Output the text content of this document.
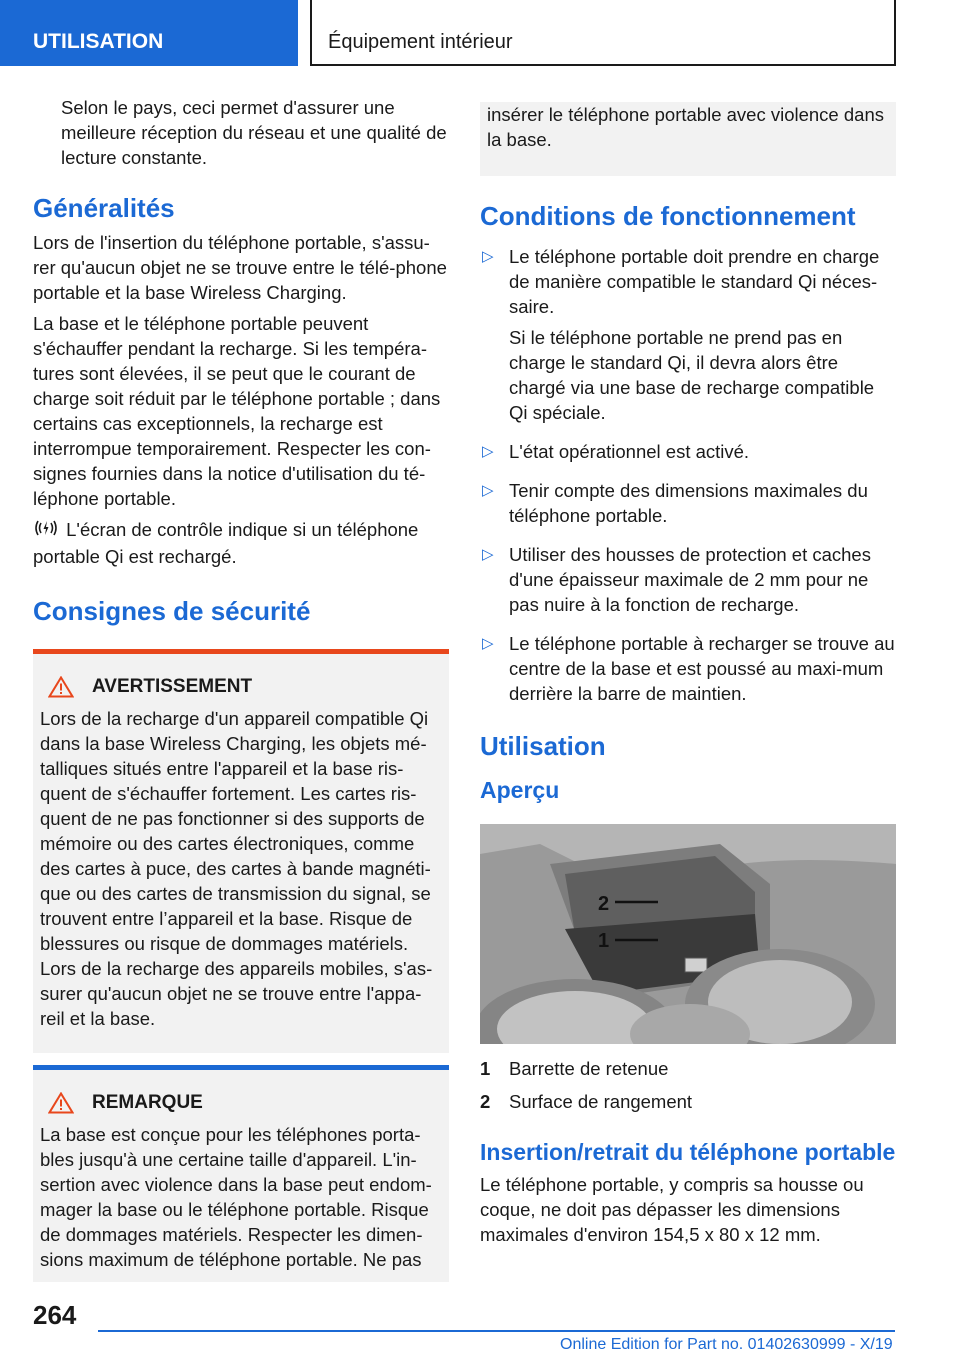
UTILISATION	Équipement intérieur

Selon le pays, ceci permet d'assurer une meilleure réception du réseau et une qualité de lecture constante.

Généralités

Lors de l'insertion du téléphone portable, s'assu-rer qu'aucun objet ne se trouve entre le télé-phone portable et la base Wireless Charging.

La base et le téléphone portable peuvent s'échauffer pendant la recharge. Si les tempéra-tures sont élevées, il se peut que le courant de charge soit réduit par le téléphone portable ; dans certains cas exceptionnels, la recharge est interrompue temporairement. Respecter les con-signes fournies dans la notice d'utilisation du té-léphone portable.

L'écran de contrôle indique si un téléphone portable Qi est rechargé.

Consignes de sécurité
AVERTISSEMENT

Lors de la recharge d'un appareil compatible Qi dans la base Wireless Charging, les objets mé-talliques situés entre l'appareil et la base ris-quent de s'échauffer fortement. Les cartes ris-quent de ne pas fonctionner si des supports de mémoire ou des cartes électroniques, comme des cartes à puce, des cartes à bande magnéti-que ou des cartes de transmission du signal, se trouvent entre l’appareil et la base. Risque de blessures ou risque de dommages matériels. Lors de la recharge des appareils mobiles, s'as-surer qu'aucun objet ne se trouve entre l'appa-reil et la base.

REMARQUE

La base est conçue pour les téléphones porta-bles jusqu'à une certaine taille d'appareil. L'in-sertion avec violence dans la base peut endom-mager la base ou le téléphone portable. Risque de dommages matériels. Respecter les dimen-sions maximum de téléphone portable. Ne pas

insérer le téléphone portable avec violence dans la base.

Conditions de fonctionnement
▷ Le téléphone portable doit prendre en charge de manière compatible le standard Qi néces-saire.
Si le téléphone portable ne prend pas en charge le standard Qi, il devra alors être chargé via une base de recharge compatible Qi spéciale.
▷ L'état opérationnel est activé.
▷ Tenir compte des dimensions maximales du téléphone portable.
▷ Utiliser des housses de protection et caches d'une épaisseur maximale de 2 mm pour ne pas nuire à la fonction de recharge.
▷ Le téléphone portable à recharger se trouve au centre de la base et est poussé au maxi-mum derrière la barre de maintien.
Utilisation
Aperçu
2
1
1	Barrette de retenue
2	Surface de rangement
Insertion/retrait du téléphone portable

Le téléphone portable, y compris sa housse ou coque, ne doit pas dépasser les dimensions maximales d'environ 154,5 x 80 x 12 mm.

264
Online Edition for Part no. 01402630999 - X/19
